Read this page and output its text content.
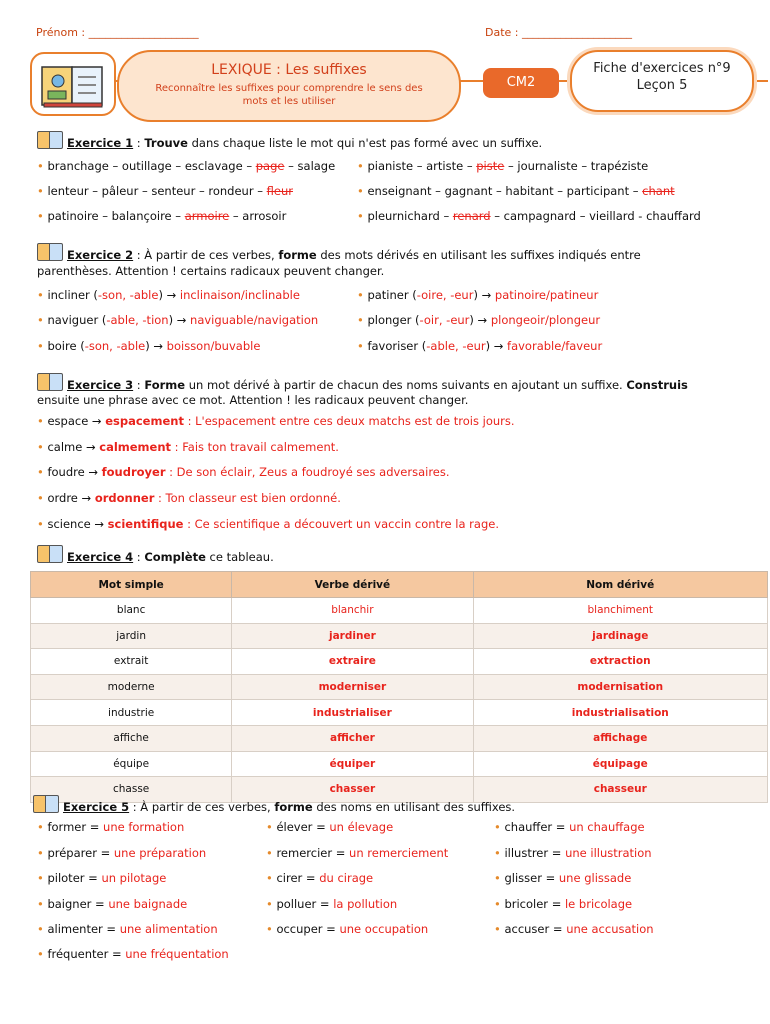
Prénom : ____________________	Date : ____________________
LEXIQUE : Les suffixes
Reconnaître les suffixes pour comprendre le sens des
mots et les utiliser
CM2
Fiche d'exercices n°9
Leçon 5
Exercice 1 : Trouve dans chaque liste le mot qui n'est pas formé avec un suffixe.
• branchage – outillage – esclavage – page – salage • pianiste – artiste – piste – journaliste – trapéziste
• lenteur – pâleur – senteur – rondeur – fleur	• enseignant – gagnant – habitant – participant – chant
• patinoire – balançoire – armoire – arrosoir	• pleurnichard – renard – campagnard – vieillard - chauffard
Exercice 2 : À partir de ces verbes, forme des mots dérivés en utilisant les suffixes indiqués entre
parenthèses. Attention ! certains radicaux peuvent changer.
• incliner (-son, -able) → inclinaison/inclinable	• patiner (-oire, -eur) → patinoire/patineur
• naviguer (-able, -tion) → naviguable/navigation	• plonger (-oir, -eur) → plongeoir/plongeur
• boire (-son, -able) → boisson/buvable	• favoriser (-able, -eur) → favorable/faveur
Exercice 3 : Forme un mot dérivé à partir de chacun des noms suivants en ajoutant un suffixe. Construis
ensuite une phrase avec ce mot. Attention ! les radicaux peuvent changer.
• espace → espacement : L'espacement entre ces deux matchs est de trois jours.
• calme → calmement : Fais ton travail calmement.
• foudre → foudroyer : De son éclair, Zeus a foudroyé ses adversaires.
• ordre → ordonner : Ton classeur est bien ordonné.
• science → scientifique : Ce scientifique a découvert un vaccin contre la rage.
Exercice 4 : Complète ce tableau.
Mot simple	Verbe dérivé	Nom dérivé
blanc	blanchir	blanchiment
jardin	jardiner	jardinage
extrait	extraire	extraction
moderne	moderniser	modernisation
industrie	industrialiser	industrialisation
affiche	afficher	affichage
équipe	équiper	équipage
chasse	chasser	chasseur
Exercice 5 : À partir de ces verbes, forme des noms en utilisant des suffixes.
• former = une formation
• préparer = une préparation
• piloter = un pilotage
• baigner = une baignade
• alimenter = une alimentation
• fréquenter = une fréquentation
• élever = un élevage
• remercier = un remerciement
• cirer = du cirage
• polluer = la pollution
• occuper = une occupation
• chauffer = un chauffage
• illustrer = une illustration
• glisser = une glissade
• bricoler = le bricolage
• accuser = une accusation
